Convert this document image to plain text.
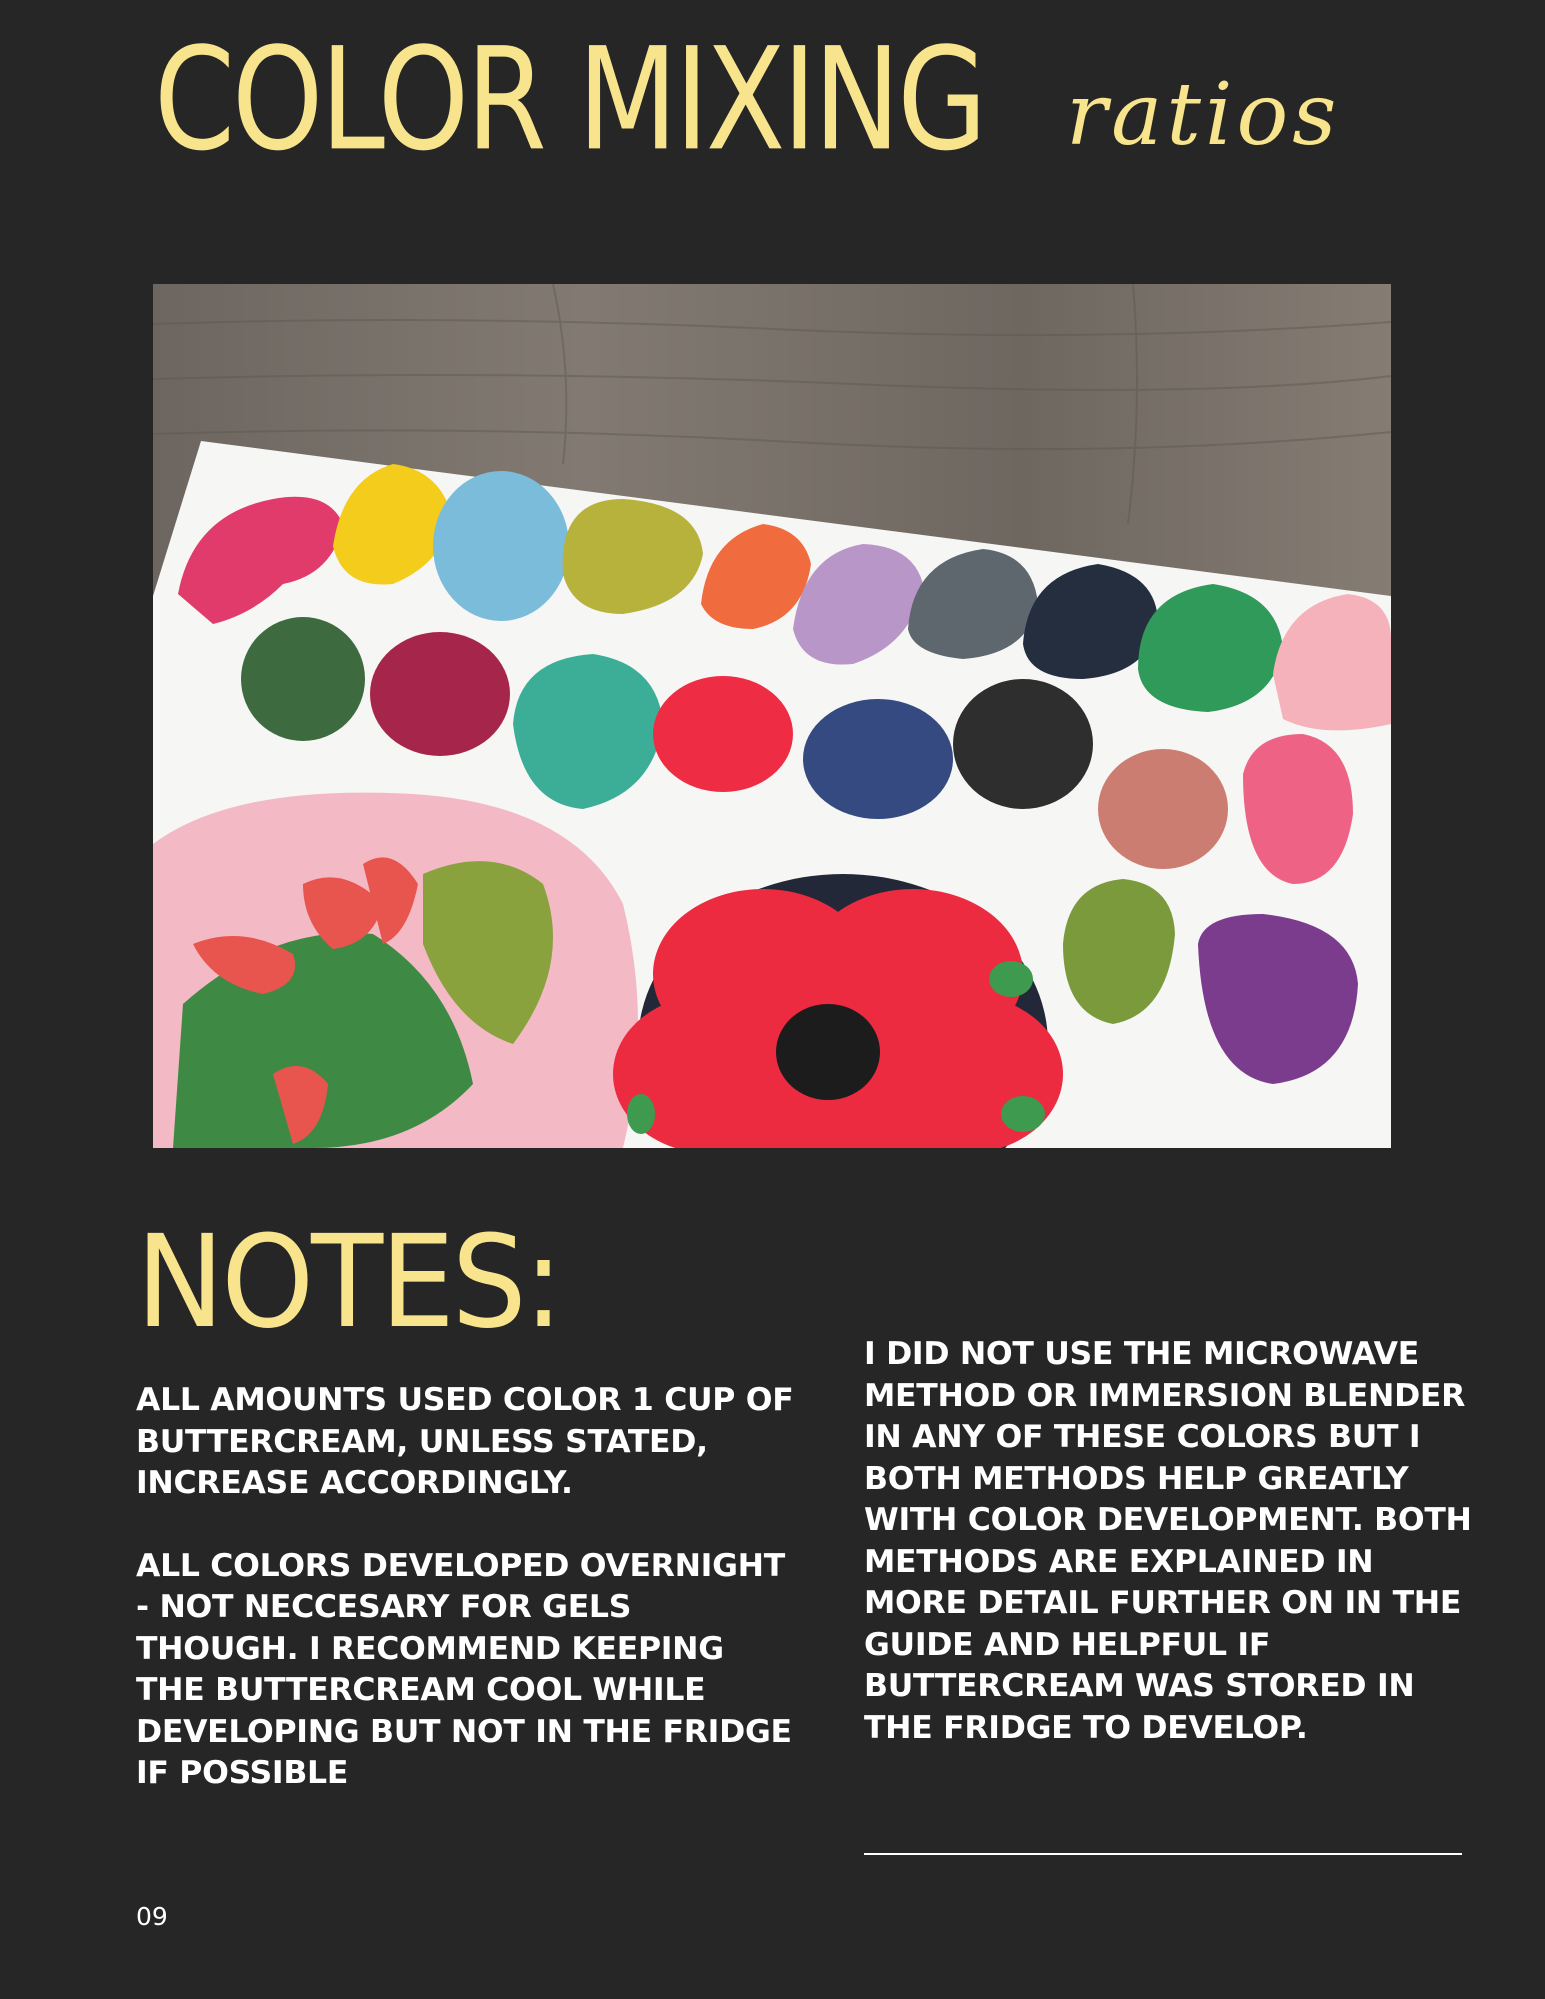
COLOR MIXING ratios
NOTES:

ALL AMOUNTS USED COLOR 1 CUP OF BUTTERCREAM, UNLESS STATED, INCREASE ACCORDINGLY.

ALL COLORS DEVELOPED OVERNIGHT - NOT NECCESARY FOR GELS THOUGH. I RECOMMEND KEEPING THE BUTTERCREAM COOL WHILE DEVELOPING BUT NOT IN THE FRIDGE IF POSSIBLE

I DID NOT USE THE MICROWAVE METHOD OR IMMERSION BLENDER IN ANY OF THESE COLORS BUT I BOTH METHODS HELP GREATLY WITH COLOR DEVELOPMENT. BOTH METHODS ARE EXPLAINED IN MORE DETAIL FURTHER ON IN THE GUIDE AND HELPFUL IF BUTTERCREAM WAS STORED IN THE FRIDGE TO DEVELOP.

09
